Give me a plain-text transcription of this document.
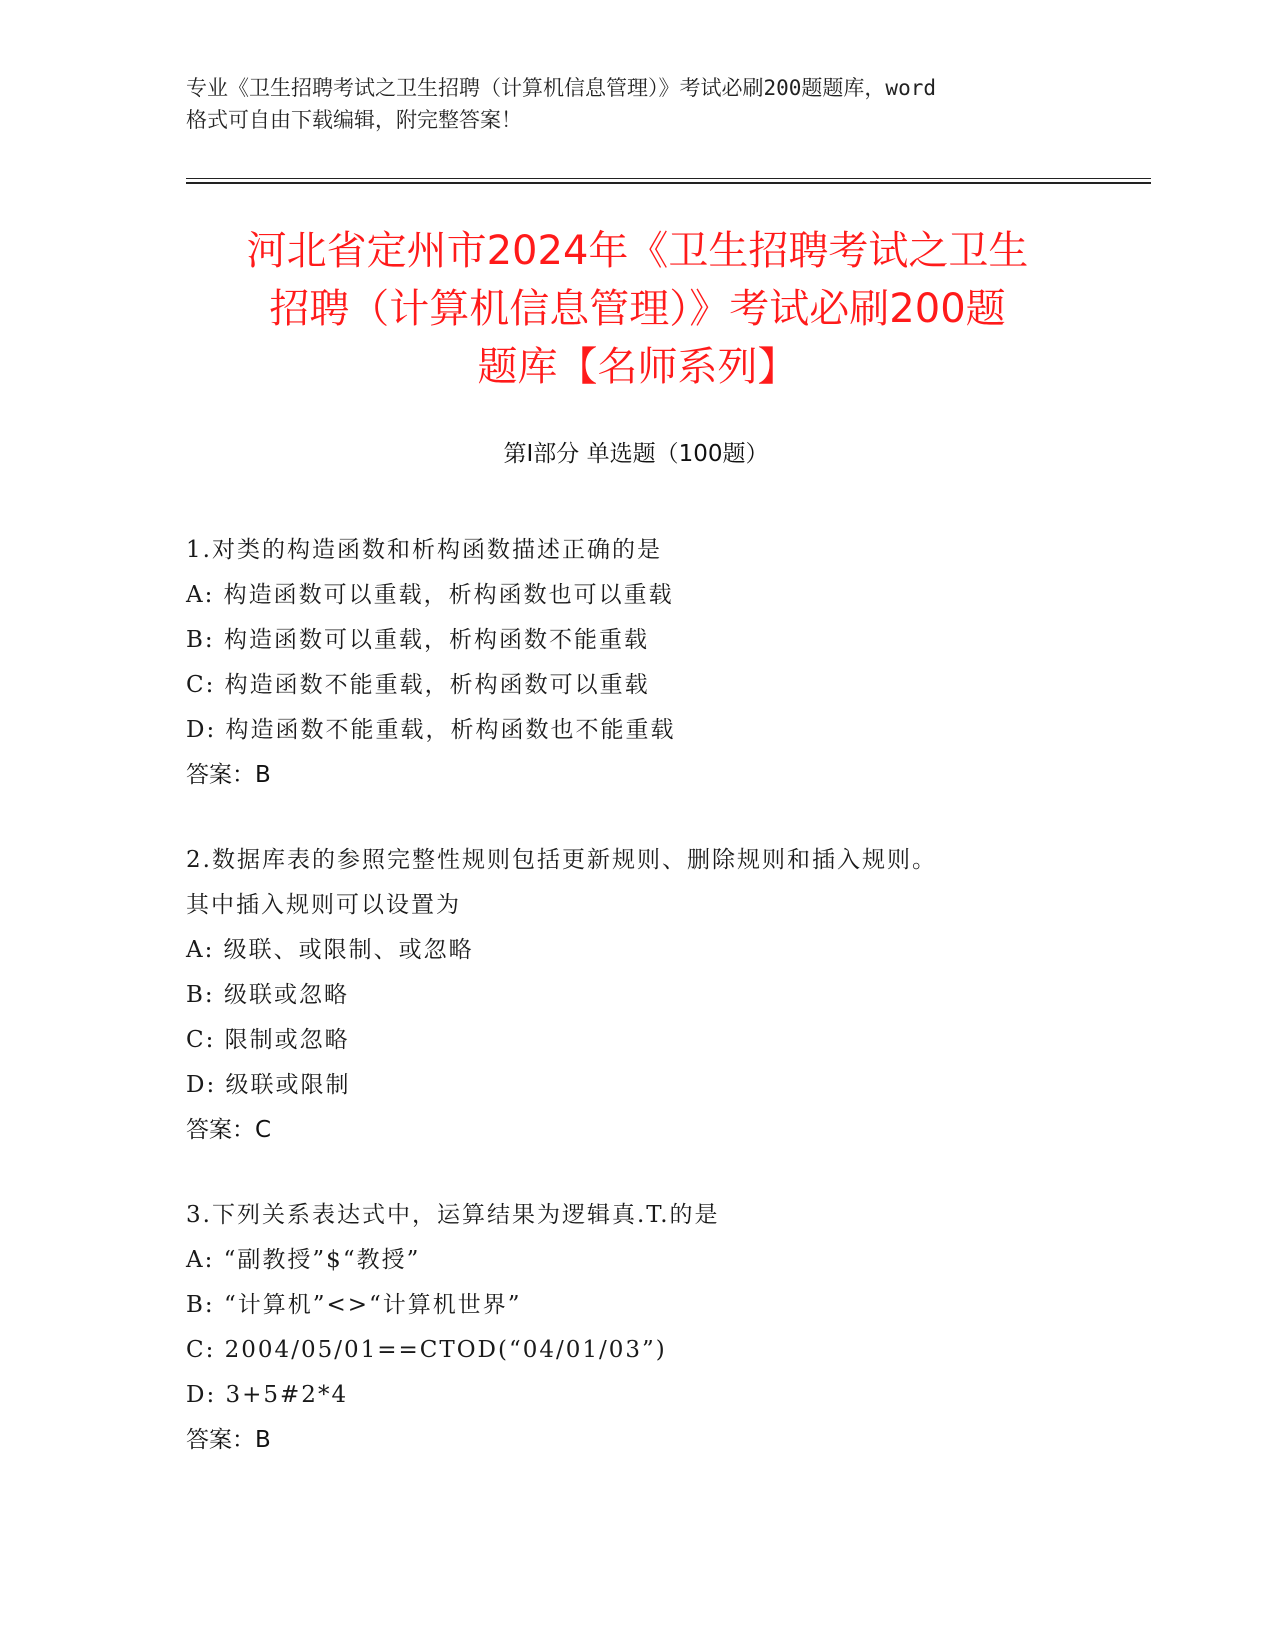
专业《卫生招聘考试之卫生招聘（计算机信息管理）》考试必刷200题题库，word
格式可自由下载编辑，附完整答案！
河北省定州市2024年《卫生招聘考试之卫生
招聘（计算机信息管理）》考试必刷200题
题库【名师系列】
第Ⅰ部分 单选题（100题）
1.对类的构造函数和析构函数描述正确的是
A: 构造函数可以重载，析构函数也可以重载
B: 构造函数可以重载，析构函数不能重载
C: 构造函数不能重载，析构函数可以重载
D: 构造函数不能重载，析构函数也不能重载
答案：B
2.数据库表的参照完整性规则包括更新规则、删除规则和插入规则。
其中插入规则可以设置为
A: 级联、或限制、或忽略
B: 级联或忽略
C: 限制或忽略
D: 级联或限制
答案：C
3.下列关系表达式中，运算结果为逻辑真.T.的是
A: “副教授”$“教授”
B: “计算机”<>“计算机世界”
C: 2004/05/01==CTOD(“04/01/03”)
D: 3+5#2*4
答案：B
